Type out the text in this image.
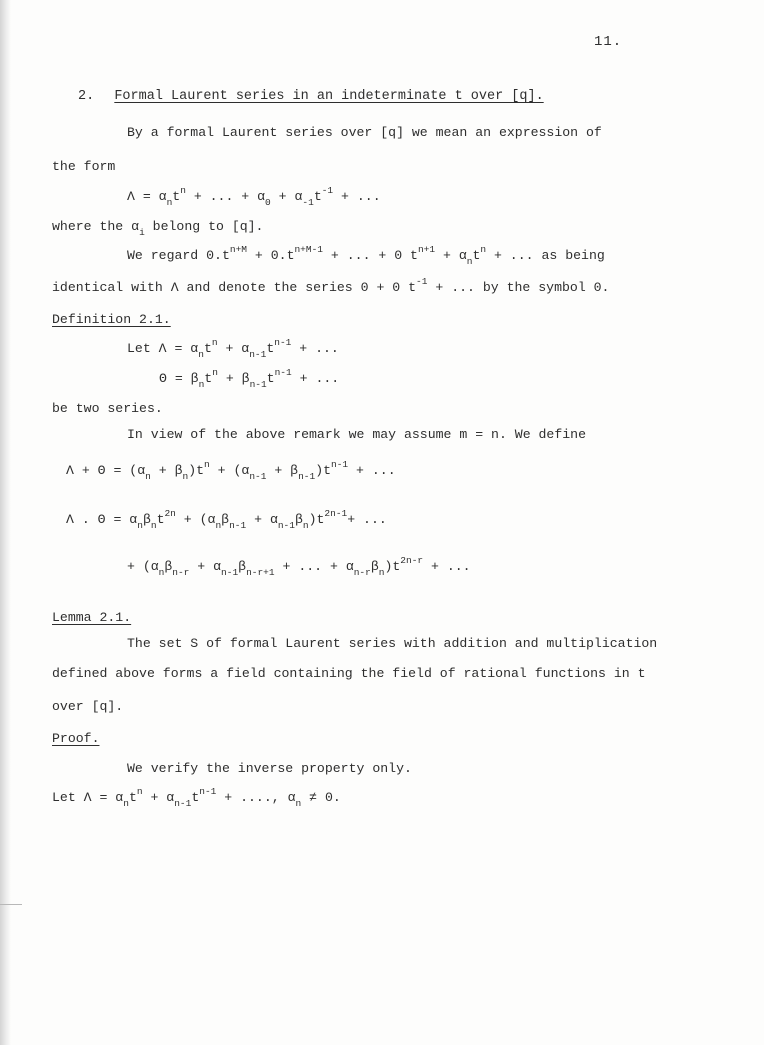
11.
2. Formal Laurent series in an indeterminate t over [q].
By a formal Laurent series over [q] we mean an expression of
the form
$\Lambda = \alpha_nt^n$ + ... + $\alpha_0 + \alpha_{-1}t^{-1}$ + ...
where the $\alpha_i$ belong to [q].
We regard $0.t^{n+M} + 0.t^{n+M-1}$ + ... + 0 $t^{n+1} + \alpha_nt^n$ + ... as being
identical with Λ and denote the series 0 + 0 $t^{-1}$ + ... by the symbol 0.
Definition 2.1.
Let $\Lambda = \alpha_nt^n + \alpha_{n-1}t^{n-1}$ + ...
$\Theta = \beta_nt^n + \beta_{n-1}t^{n-1}$ + ...
be two series.
In view of the above remark we may assume m = n. We define
$\Lambda + \Theta = (\alpha_n + \beta_n)t^n + (\alpha_{n-1} + \beta_{n-1})t^{n-1}$ + ...
Λ . $\Theta = \alpha_n\beta_nt^{2n} + (\alpha_n\beta_{n-1} + \alpha_{n-1}\beta_n)t^{2n-1}+$ ...
+ ($\alpha_n\beta_{n-r} + \alpha_{n-1}\beta_{n-r+1}$ + ... + $\alpha_{n-r}\beta_n)t^{2n-r}$ + ...
Lemma 2.1.
The set S of formal Laurent series with addition and multiplication
defined above forms a field containing the field of rational functions in t
over [q].
Proof.
We verify the inverse property only.
Let $\Lambda = \alpha_nt^n + \alpha_{n-1}t^{n-1}$ + ...., $\alpha_n \ne 0$.
